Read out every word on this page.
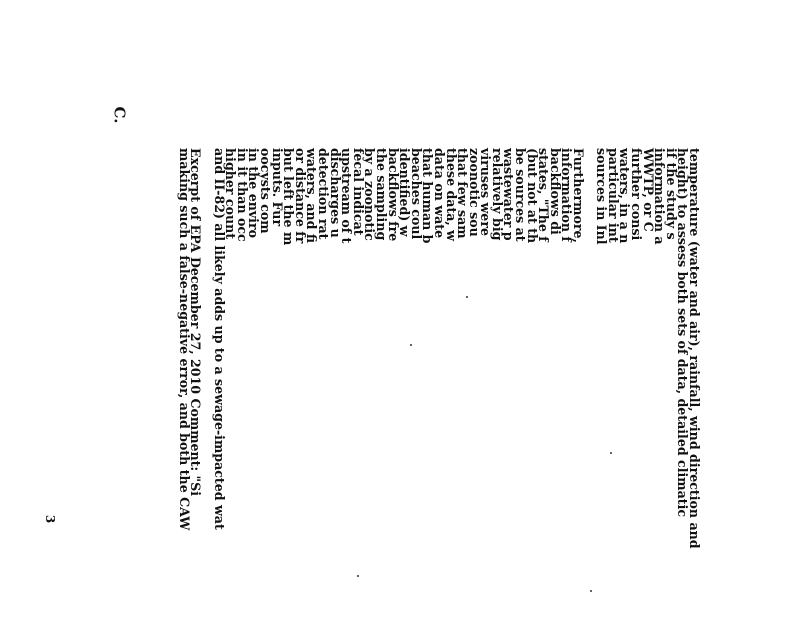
C.
3	temperature (water and air), rainfall, wind direction and
height) to assess both sets of data, detailed climatic
if the study s
information a
WWTP, or C
further consi
waters, in a n
particular int
sources in Inl
Furthermore,
information f
backflows di
states, "The f
(but not at th
be sources at
wastewater p
relatively big
viruses were
zoonotic sou
that few sam
these data, w
data on wate
that human b
beaches coul
identified) w
backflows fre
the sampling
by a zoonotic
fecal indicat
upstream of t
discharges u
detection rat
waters, and fi
or distance fr
but left the m
inputs. Fur
oocysts com
in the enviro
in it than occ
higher count
and II-82) all likely adds up to a sewage-impacted wat
Excerpt of EPA December 27, 2010 Comment: "Si
making such a false-negative error, and both the CAW
